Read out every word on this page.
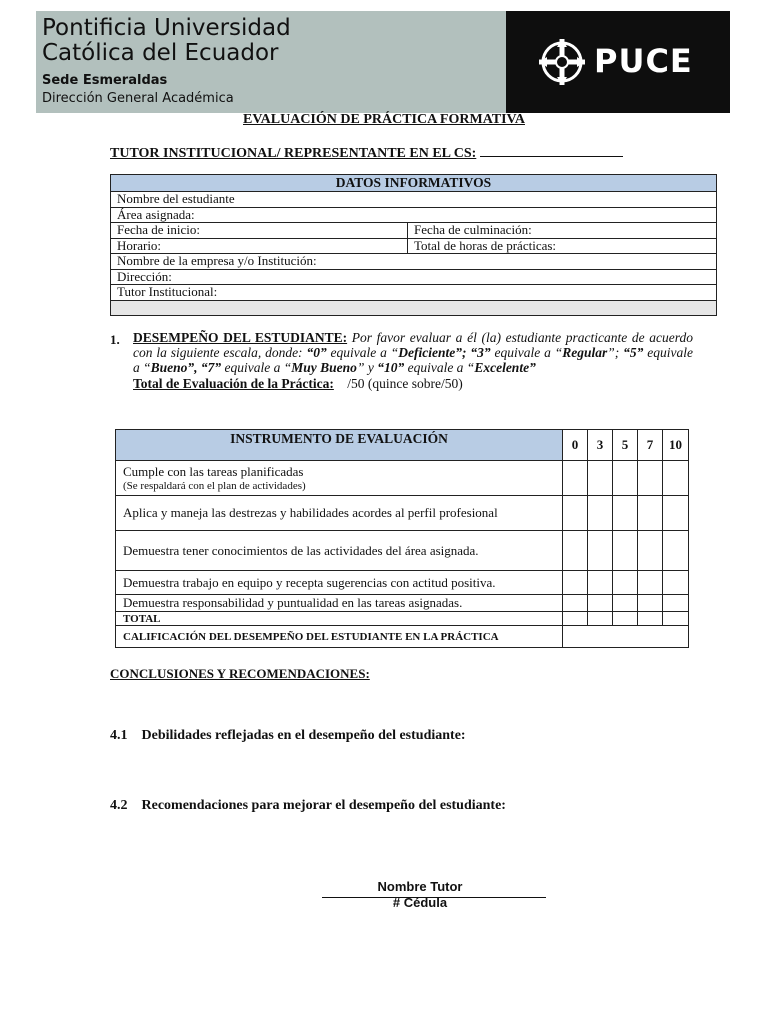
Pontificia Universidad
Católica del Ecuador
Sede Esmeraldas
Dirección General Académica
PUCE
EVALUACIÓN DE PRÁCTICA FORMATIVA
TUTOR INSTITUCIONAL/ REPRESENTANTE EN EL CS:
DATOS INFORMATIVOS	
Nombre del estudiante	
Área asignada:	
Fecha de inicio:	Fecha de culminación:
Horario:	Total de horas de prácticas:
Nombre de la empresa y/o Institución:	
Dirección:	
Tutor Institucional:	

1. DESEMPEÑO DEL ESTUDIANTE: Por favor evaluar a él (la) estudiante practicante de acuerdo con la siguiente escala, donde: “0” equivale a “Deficiente”; “3” equivale a “Regular”; “5” equivale a “Bueno”, “7” equivale a “Muy Bueno” y “10” equivale a “Excelente”
Total de Evaluación de la Práctica: /50 (quince sobre/50)
INSTRUMENTO DE EVALUACIÓN	0	3	5	7	10

Cumple con las tareas planificadas
(Se respaldará con el plan de actividades)					

Aplica y maneja las destrezas y habilidades acordes al perfil profesional					
Demuestra tener conocimientos de las actividades del área asignada.					
Demuestra trabajo en equipo y recepta sugerencias con actitud positiva.					
Demuestra responsabilidad y puntualidad en las tareas asignadas.					
TOTAL					
CALIFICACIÓN DEL DESEMPEÑO DEL ESTUDIANTE EN LA PRÁCTICA					
CONCLUSIONES Y RECOMENDACIONES:
4.1    Debilidades reflejadas en el desempeño del estudiante:
4.2    Recomendaciones para mejorar el desempeño del estudiante:
Nombre Tutor
# Cédula
